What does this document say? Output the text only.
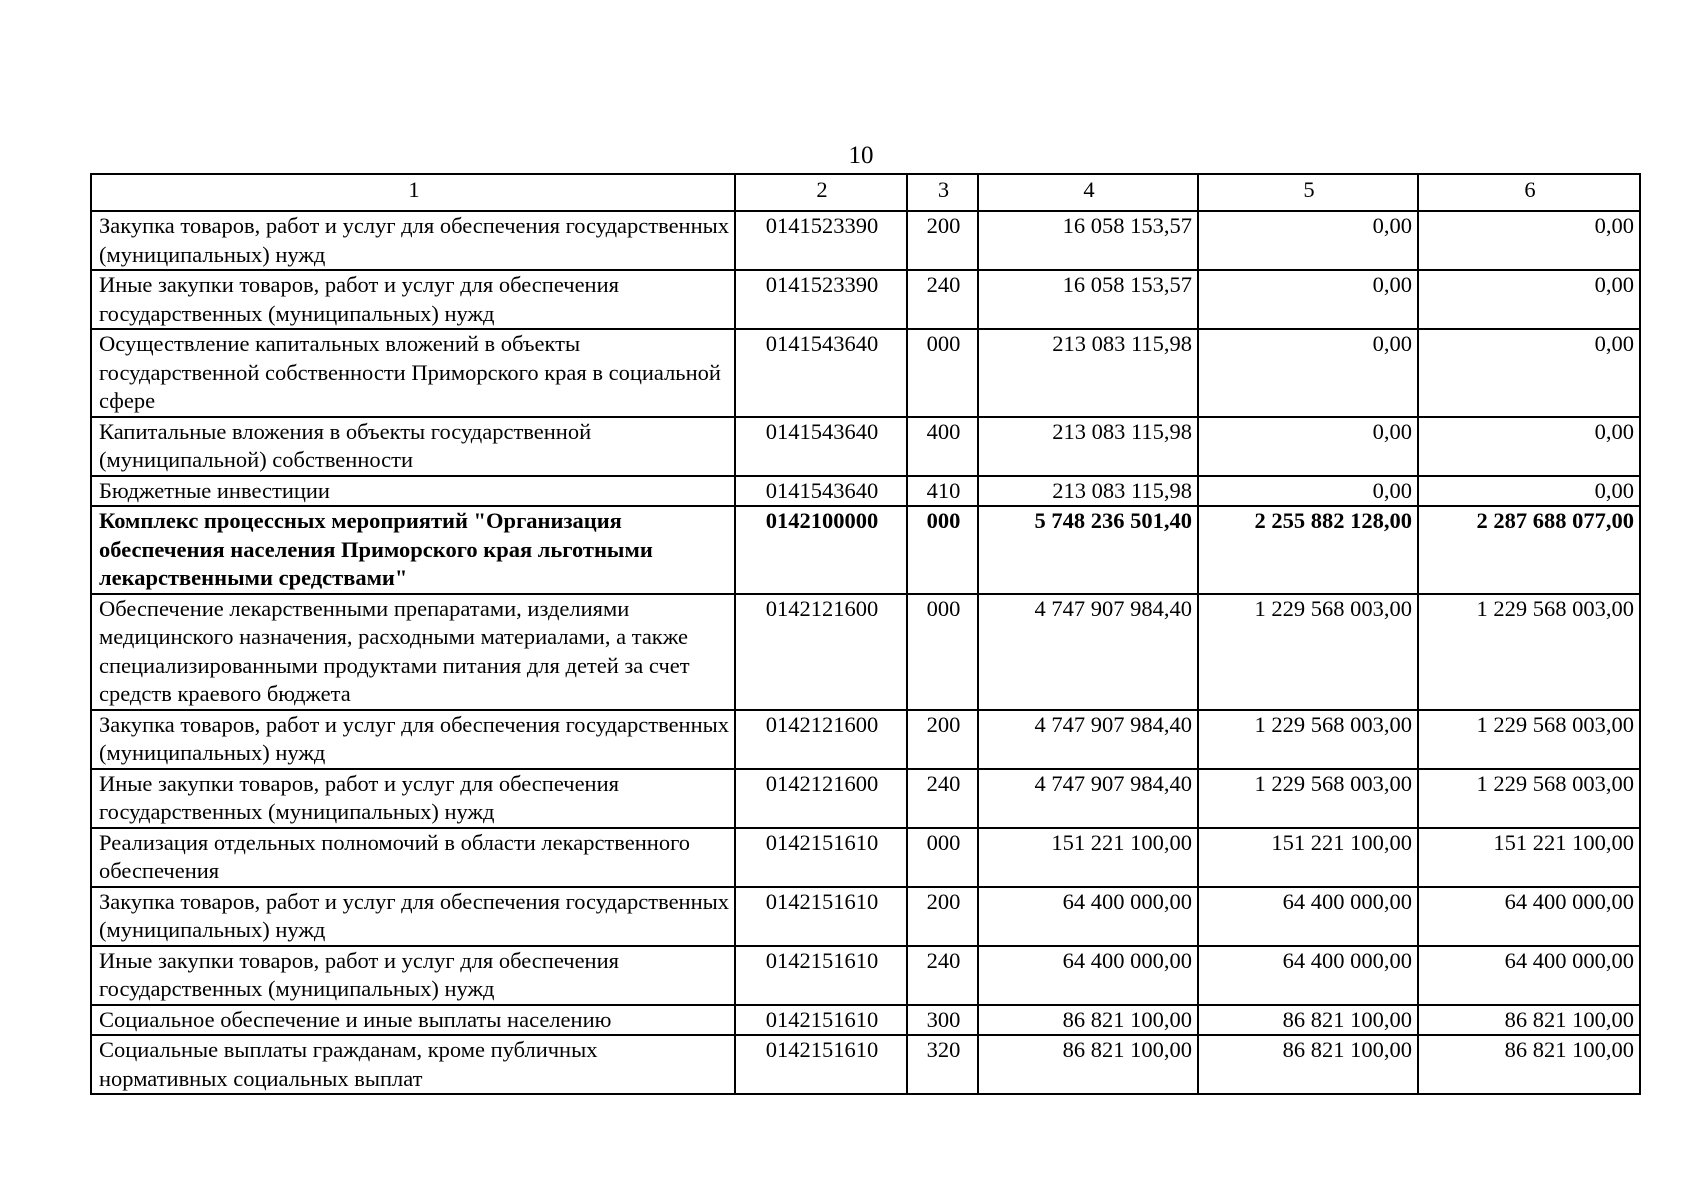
10
1	2	3	4	5	6
Закупка товаров, работ и услуг для обеспечения государственных (муниципальных) нужд	0141523390	200	16 058 153,57	0,00	0,00
Иные закупки товаров, работ и услуг для обеспечения государственных (муниципальных) нужд	0141523390	240	16 058 153,57	0,00	0,00
Осуществление капитальных вложений в объекты государственной собственности Приморского края в социальной сфере	0141543640	000	213 083 115,98	0,00	0,00
Капитальные вложения в объекты государственной (муниципальной) собственности	0141543640	400	213 083 115,98	0,00	0,00
Бюджетные инвестиции	0141543640	410	213 083 115,98	0,00	0,00
Комплекс процессных мероприятий "Организация обеспечения населения Приморского края льготными лекарственными средствами"	0142100000	000	5 748 236 501,40	2 255 882 128,00	2 287 688 077,00
Обеспечение лекарственными препаратами, изделиями медицинского назначения, расходными материалами, а также специализированными продуктами питания для детей за счет средств краевого бюджета	0142121600	000	4 747 907 984,40	1 229 568 003,00	1 229 568 003,00
Закупка товаров, работ и услуг для обеспечения государственных (муниципальных) нужд	0142121600	200	4 747 907 984,40	1 229 568 003,00	1 229 568 003,00
Иные закупки товаров, работ и услуг для обеспечения государственных (муниципальных) нужд	0142121600	240	4 747 907 984,40	1 229 568 003,00	1 229 568 003,00
Реализация отдельных полномочий в области лекарственного обеспечения	0142151610	000	151 221 100,00	151 221 100,00	151 221 100,00
Закупка товаров, работ и услуг для обеспечения государственных (муниципальных) нужд	0142151610	200	64 400 000,00	64 400 000,00	64 400 000,00
Иные закупки товаров, работ и услуг для обеспечения государственных (муниципальных) нужд	0142151610	240	64 400 000,00	64 400 000,00	64 400 000,00
Социальное обеспечение и иные выплаты населению	0142151610	300	86 821 100,00	86 821 100,00	86 821 100,00
Социальные выплаты гражданам, кроме публичных нормативных социальных выплат	0142151610	320	86 821 100,00	86 821 100,00	86 821 100,00
